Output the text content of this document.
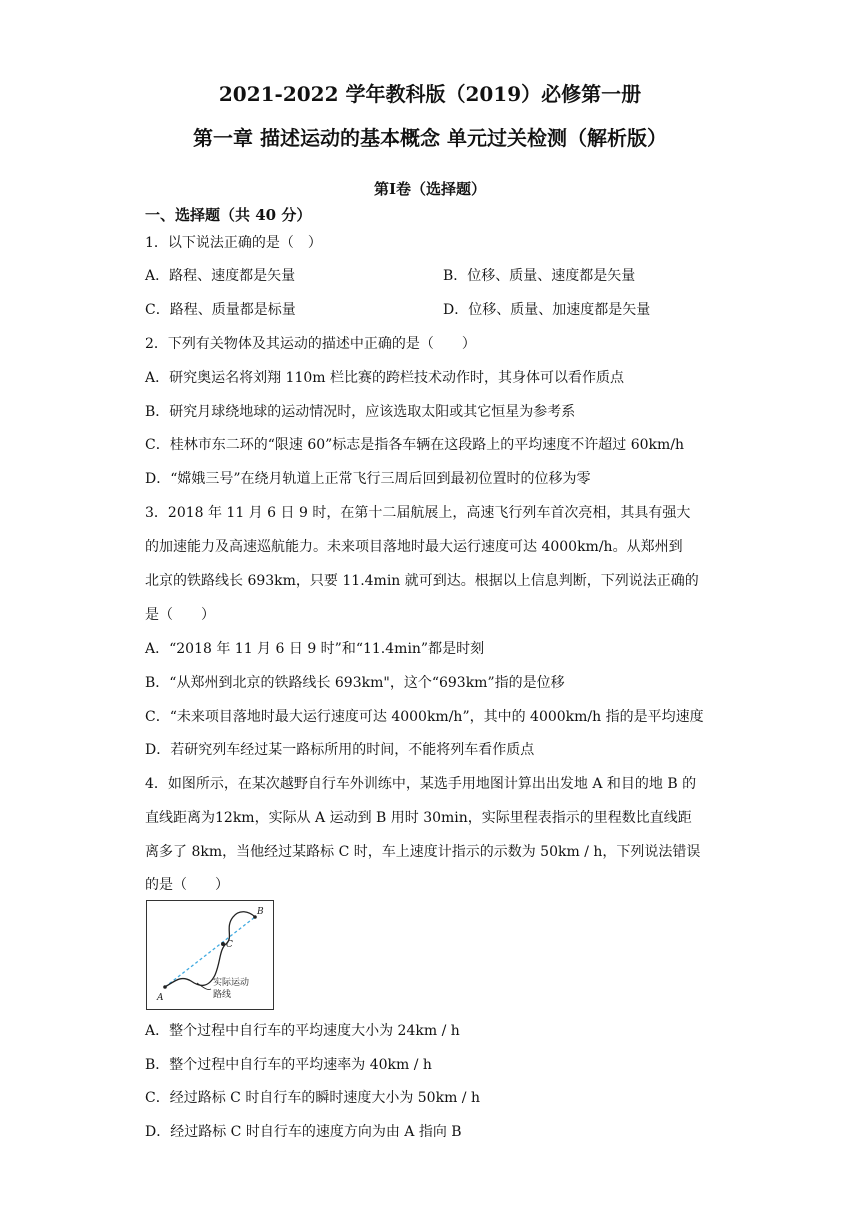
2021-2022 学年教科版（2019）必修第一册
第一章 描述运动的基本概念 单元过关检测（解析版）
第Ⅰ卷（选择题）
一、选择题（共 40 分）
1．以下说法正确的是（　）
A．路程、速度都是矢量	B．位移、质量、速度都是矢量
C．路程、质量都是标量	D．位移、质量、加速度都是矢量
2．下列有关物体及其运动的描述中正确的是（　　）
A．研究奥运名将刘翔 110m 栏比赛的跨栏技术动作时，其身体可以看作质点
B．研究月球绕地球的运动情况时，应该选取太阳或其它恒星为参考系
C．桂林市东二环的“限速 60”标志是指各车辆在这段路上的平均速度不许超过 60km/h
D．“嫦娥三号”在绕月轨道上正常飞行三周后回到最初位置时的位移为零
3．2018 年 11 月 6 日 9 时，在第十二届航展上，高速飞行列车首次亮相，其具有强大
的加速能力及高速巡航能力。未来项目落地时最大运行速度可达 4000km/h。从郑州到
北京的铁路线长 693km，只要 11.4min 就可到达。根据以上信息判断，下列说法正确的
是（　　）
A．“2018 年 11 月 6 日 9 时”和“11.4min”都是时刻
B．“从郑州到北京的铁路线长 693km"，这个“693km”指的是位移
C．“未来项目落地时最大运行速度可达 4000km/h”，其中的 4000km/h 指的是平均速度
D．若研究列车经过某一路标所用的时间，不能将列车看作质点
4．如图所示，在某次越野自行车外训练中，某选手用地图计算出出发地 A 和目的地 B 的
直线距离为12km，实际从 A 运动到 B 用时 30min，实际里程表指示的里程数比直线距
离多了 8km，当他经过某路标 C 时，车上速度计指示的示数为 50km / h，下列说法错误
的是（　　）
A
B
C
实际运动
路线
A．整个过程中自行车的平均速度大小为 24km / h
B．整个过程中自行车的平均速率为 40km / h
C．经过路标 C 时自行车的瞬时速度大小为 50km / h
D．经过路标 C 时自行车的速度方向为由 A 指向 B
